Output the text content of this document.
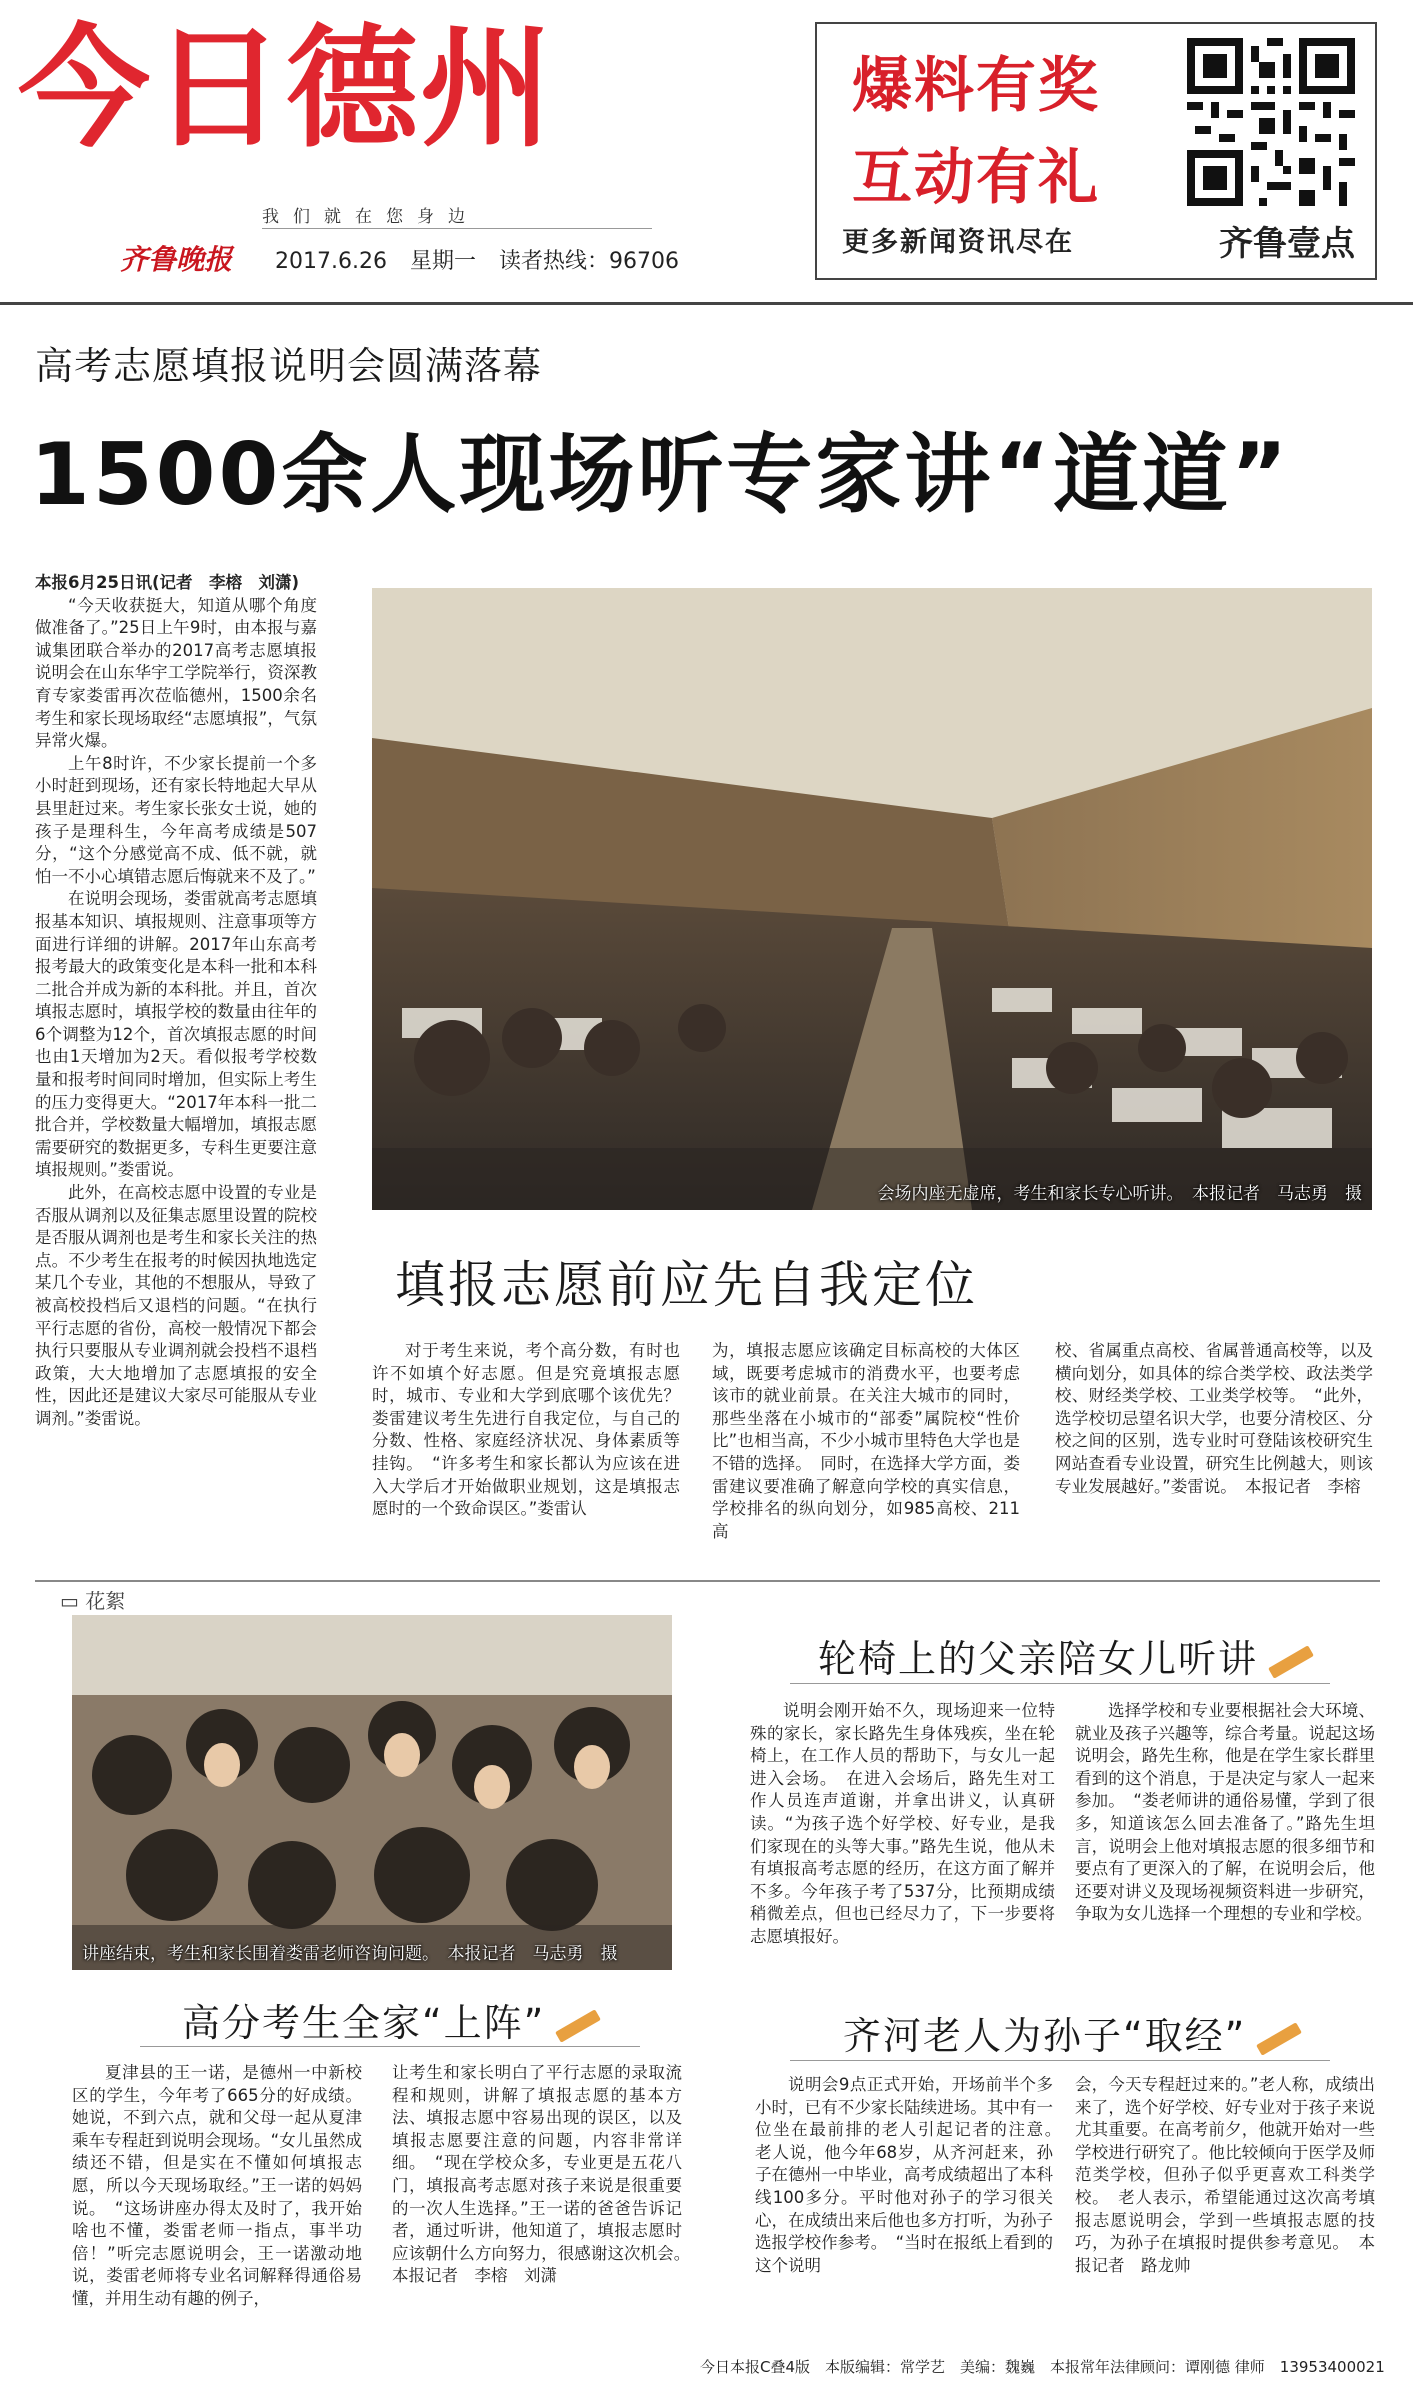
今日德州
我们就在您身边
齐鲁晚报 2017.6.26 星期一 读者热线：96706
爆料有奖
互动有礼
更多新闻资讯尽在	齐鲁壹点
高考志愿填报说明会圆满落幕
1500余人现场听专家讲“道道”

本报6月25日讯(记者　李榕　刘潇)

“今天收获挺大，知道从哪个角度做准备了。”25日上午9时，由本报与嘉诚集团联合举办的2017高考志愿填报说明会在山东华宇工学院举行，资深教育专家娄雷再次莅临德州，1500余名考生和家长现场取经“志愿填报”，气氛异常火爆。

上午8时许，不少家长提前一个多小时赶到现场，还有家长特地起大早从县里赶过来。考生家长张女士说，她的孩子是理科生，今年高考成绩是507分，“这个分感觉高不成、低不就，就怕一不小心填错志愿后悔就来不及了。”

在说明会现场，娄雷就高考志愿填报基本知识、填报规则、注意事项等方面进行详细的讲解。2017年山东高考报考最大的政策变化是本科一批和本科二批合并成为新的本科批。并且，首次填报志愿时，填报学校的数量由往年的6个调整为12个，首次填报志愿的时间也由1天增加为2天。看似报考学校数量和报考时间同时增加，但实际上考生的压力变得更大。“2017年本科一批二批合并，学校数量大幅增加，填报志愿需要研究的数据更多，专科生更要注意填报规则。”娄雷说。

此外，在高校志愿中设置的专业是否服从调剂以及征集志愿里设置的院校是否服从调剂也是考生和家长关注的热点。不少考生在报考的时候因执地选定某几个专业，其他的不想服从，导致了被高校投档后又退档的问题。“在执行平行志愿的省份，高校一般情况下都会执行只要服从专业调剂就会投档不退档政策，大大地增加了志愿填报的安全性，因此还是建议大家尽可能服从专业调剂。”娄雷说。

会场内座无虚席，考生和家长专心听讲。　本报记者　马志勇　摄
填报志愿前应先自我定位

对于考生来说，考个高分数，有时也许不如填个好志愿。但是究竟填报志愿时，城市、专业和大学到底哪个该优先？娄雷建议考生先进行自我定位，与自己的分数、性格、家庭经济状况、身体素质等挂钩。　“许多考生和家长都认为应该在进入大学后才开始做职业规划，这是填报志愿时的一个致命误区。”娄雷认

为，填报志愿应该确定目标高校的大体区域，既要考虑城市的消费水平，也要考虑该市的就业前景。在关注大城市的同时，那些坐落在小城市的“部委”属院校“性价比”也相当高，不少小城市里特色大学也是不错的选择。　同时，在选择大学方面，娄雷建议要准确了解意向学校的真实信息，学校排名的纵向划分，如985高校、211高

校、省属重点高校、省属普通高校等，以及横向划分，如具体的综合类学校、政法类学校、财经类学校、工业类学校等。　“此外，选学校切忌望名识大学，也要分清校区、分校之间的区别，选专业时可登陆该校研究生网站查看专业设置，研究生比例越大，则该专业发展越好。”娄雷说。　本报记者　李榕

▭ 花絮
讲座结束，考生和家长围着娄雷老师咨询问题。　本报记者　马志勇　摄
轮椅上的父亲陪女儿听讲

说明会刚开始不久，现场迎来一位特殊的家长，家长路先生身体残疾，坐在轮椅上，在工作人员的帮助下，与女儿一起进入会场。　在进入会场后，路先生对工作人员连声道谢，并拿出讲义，认真研读。“为孩子选个好学校、好专业，是我们家现在的头等大事。”路先生说，他从未有填报高考志愿的经历，在这方面了解并不多。今年孩子考了537分，比预期成绩稍微差点，但也已经尽力了，下一步要将志愿填报好。

选择学校和专业要根据社会大环境、就业及孩子兴趣等，综合考量。说起这场说明会，路先生称，他是在学生家长群里看到的这个消息，于是决定与家人一起来参加。　“娄老师讲的通俗易懂，学到了很多，知道该怎么回去准备了。”路先生坦言，说明会上他对填报志愿的很多细节和要点有了更深入的了解，在说明会后，他还要对讲义及现场视频资料进一步研究，争取为女儿选择一个理想的专业和学校。

高分考生全家“上阵”

夏津县的王一诺，是德州一中新校区的学生，今年考了665分的好成绩。她说，不到六点，就和父母一起从夏津乘车专程赶到说明会现场。“女儿虽然成绩还不错，但是实在不懂如何填报志愿，所以今天现场取经。”王一诺的妈妈说。　“这场讲座办得太及时了，我开始啥也不懂，娄雷老师一指点，事半功倍！”听完志愿说明会，王一诺激动地说，娄雷老师将专业名词解释得通俗易懂，并用生动有趣的例子，

让考生和家长明白了平行志愿的录取流程和规则，讲解了填报志愿的基本方法、填报志愿中容易出现的误区，以及填报志愿要注意的问题，内容非常详细。　“现在学校众多，专业更是五花八门，填报高考志愿对孩子来说是很重要的一次人生选择。”王一诺的爸爸告诉记者，通过听讲，他知道了，填报志愿时应该朝什么方向努力，很感谢这次机会。　本报记者　李榕　刘潇

齐河老人为孙子“取经”

说明会9点正式开始，开场前半个多小时，已有不少家长陆续进场。其中有一位坐在最前排的老人引起记者的注意。　老人说，他今年68岁，从齐河赶来，孙子在德州一中毕业，高考成绩超出了本科线100多分。平时他对孙子的学习很关心，在成绩出来后他也多方打听，为孙子选报学校作参考。　“当时在报纸上看到的这个说明

会，今天专程赶过来的。”老人称，成绩出来了，选个好学校、好专业对于孩子来说尤其重要。在高考前夕，他就开始对一些学校进行研究了。他比较倾向于医学及师范类学校，但孙子似乎更喜欢工科类学校。　老人表示，希望能通过这次高考填报志愿说明会，学到一些填报志愿的技巧，为孙子在填报时提供参考意见。　本报记者　路龙帅

今日本报C叠4版　本版编辑：常学艺　美编：魏巍　本报常年法律顾问：谭刚德 律师　13953400021
